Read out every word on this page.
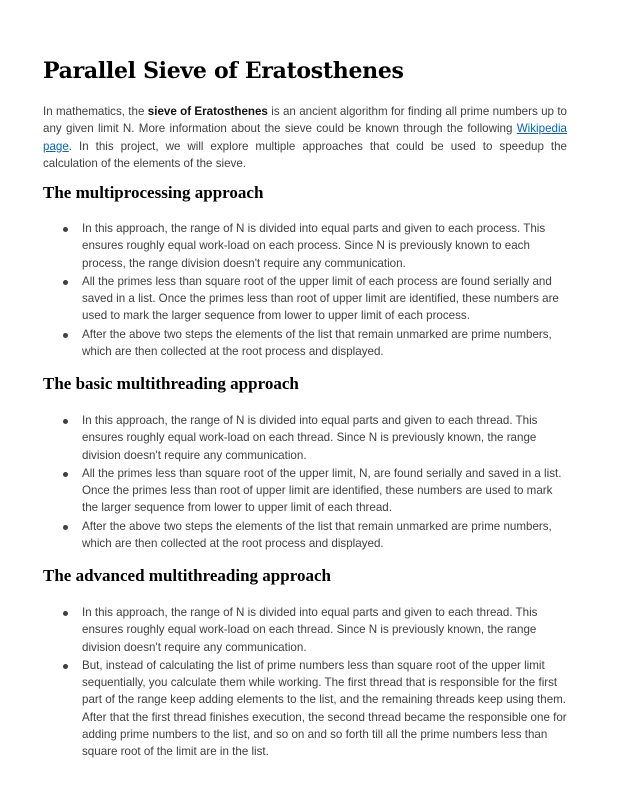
Parallel Sieve of Eratosthenes

In mathematics, the sieve of Eratosthenes is an ancient algorithm for finding all prime numbers up to any given limit N. More information about the sieve could be known through the following Wikipedia page. In this project, we will explore multiple approaches that could be used to speedup the calculation of the elements of the sieve.

The multiprocessing approach
In this approach, the range of N is divided into equal parts and given to each process. This ensures roughly equal work-load on each process. Since N is previously known to each process, the range division doesn't require any communication.
All the primes less than square root of the upper limit of each process are found serially and saved in a list. Once the primes less than root of upper limit are identified, these numbers are used to mark the larger sequence from lower to upper limit of each process.
After the above two steps the elements of the list that remain unmarked are prime numbers, which are then collected at the root process and displayed.
The basic multithreading approach
In this approach, the range of N is divided into equal parts and given to each thread. This ensures roughly equal work-load on each thread. Since N is previously known, the range division doesn't require any communication.
All the primes less than square root of the upper limit, N, are found serially and saved in a list. Once the primes less than root of upper limit are identified, these numbers are used to mark the larger sequence from lower to upper limit of each thread.
After the above two steps the elements of the list that remain unmarked are prime numbers, which are then collected at the root process and displayed.
The advanced multithreading approach
In this approach, the range of N is divided into equal parts and given to each thread. This ensures roughly equal work-load on each thread. Since N is previously known, the range division doesn't require any communication.
But, instead of calculating the list of prime numbers less than square root of the upper limit sequentially, you calculate them while working. The first thread that is responsible for the first part of the range keep adding elements to the list, and the remaining threads keep using them. After that the first thread finishes execution, the second thread became the responsible one for adding prime numbers to the list, and so on and so forth till all the prime numbers less than square root of the limit are in the list.
